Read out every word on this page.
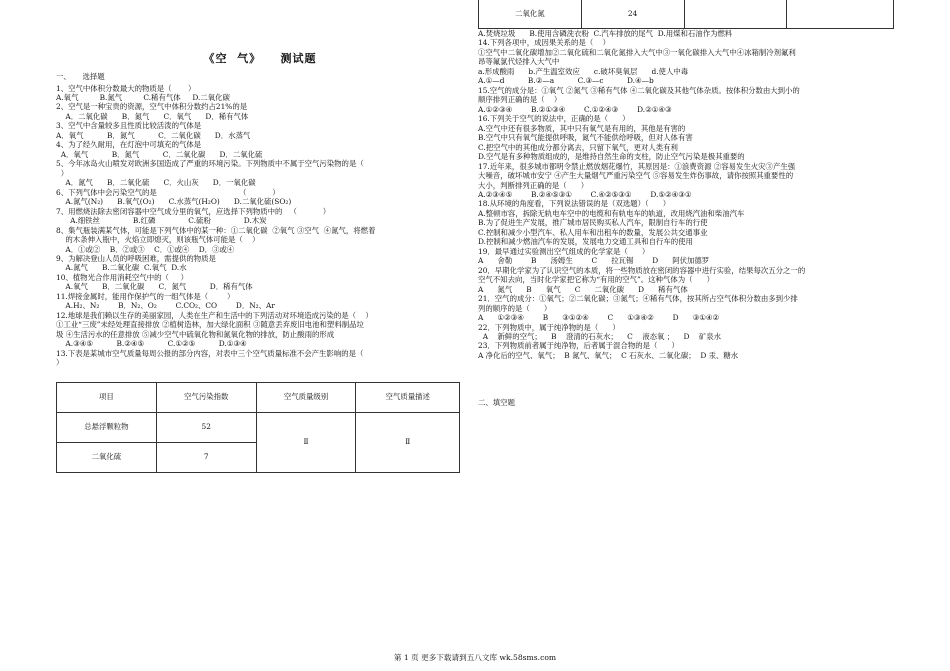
《空  气》    测试题
一、     选择题
1、空气中体积分数最大的物质是（       ）
A.氧气         B.氮气         C.稀有气体     D.二氧化碳
2、空气是一种宝贵的资源，空气中体积分数约占21%的是
A．二氧化碳      B．氮气      C．氧气      D．稀有气体
3、空气中含量较多且性质比较活泼的气体是
A．氧气          B．氮气          C．二氧化碳      D．水蒸气
4、为了经久耐用，在灯泡中可填充的气体是
A．氧气          B．氮气          C．二氧化碳      D．二氧化硫
5、今年冰岛火山喷发对欧洲多国造成了严重的环境污染。下列物质中不属于空气污染物的是（
）
A．氮气      B．二氧化硫      C．火山灰      D．一氧化碳
6、下列气体中会污染空气的是                                   （           ）
A.氮气(N₂)      B.氧气(O₂)      C.水蒸气(H₂O)      D.二氧化硫(SO₂)
7、用燃烧法除去密闭容器中空气成分里的氧气，应选择下列物质中的   （           ）
A.细铁丝              B.红磷              C.硫粉              D.木炭
8、集气瓶装满某气体，可能是下列气体中的某一种：①二氧化碳  ②氧气 ③空气  ④氮气，将燃着
的木条伸入瓶中，火焰立即熄灭，则该瓶气体可能是（    ）
A．①或②    B．②或③    C．①或④    D．③或④
9、为解决登山人员的呼吸困难，需提供的物质是
A.氮气      B.二氧化碳  C.氧气  D.水
10、植物光合作用消耗空气中的（     ）
A.氧气      B．二氧化碳      C．氮气          D．稀有气体
11.焊接金属时，能用作保护气的一组气体是（        ）
A.H₂、N₂        B．N₂、O₂        C.CO₂、CO        D．N₂、Ar
12.地球是我们赖以生存的美丽家园，人类在生产和生活中的下列活动对环境造成污染的是（    ）
①工业“三废”未经处理直接排放 ②植树造林，加大绿化面积 ③随意丢弃废旧电池和塑料制品垃
圾 ④生活污水的任意排放 ⑤减少空气中硫氧化物和氮氧化物的排放，防止酸雨的形成
A.③④⑤          B.②④⑤          C.①②⑤          D.①③④
13.下表是某城市空气质量每周公报的部分内容，对表中三个空气质量标准不会产生影响的是（
）
项目	空气污染指数	空气质量级别	空气质量描述
总悬浮颗粒物	52	Ⅱ	Ⅱ
二氧化硫	7		
二氧化氮	24		
A.焚烧垃圾      B.使用含磷洗衣粉  C.汽车排放的尾气  D.用煤和石油作为燃料
14.下列各项中，成因果关系的是（    ）
①空气中二氧化碳增加②二氧化硫和二氧化氮排入大气中③一氧化碳排入大气中④冰箱制冷剂氟利
昂等氟氯代烃排入大气中
a.形成酸雨      b.产生温室效应      c.破坏臭氧层      d.使人中毒
A.①—d          B.②—a          C.③—c          D.④—b
15.空气的成分是：①氧气 ②氮气 ③稀有气体 ④二氧化碳及其他气体杂质。按体积分数由大到小的
顺序排列正确的是（    ）
A.①②③④        B.②①③④        C.①②④③        D.②①④③
16.下列关于空气的说法中，正确的是（      ）
A.空气中还有很多物质，其中只有氧气是有用的，其他是有害的
B.空气中只有氧气能提供呼吸，氮气不能供给呼吸，但对人体有害
C.把空气中的其他成分都分离去，只留下氧气，更对人类有利
D.空气是有多种物质组成的，是维持自然生命的支柱，防止空气污染是极其重要的
17.近年来，很多城市都明令禁止燃放烟花爆竹，其原因是：①浪费资源 ②容易发生火灾③产生强
大噪音，破坏城市安宁 ④产生大量烟气严重污染空气 ⑤容易发生炸伤事故，请你按照其重要性的
大小，判断排列正确的是（      ）
A.②③④⑤        B.②④⑤③①        C.④②⑤③①        D.⑤②④③①
18.从环境的角度看，下列说法错误的是（双选题）（      ）
A.整顿市容，拆除无轨电车空中的电缆和有轨电车的轨道，改用烧汽油和柴油汽车
B.为了促进生产发展，推广城市居民购买私人汽车，限制自行车的行使
C.控制和减少小型汽车、私人用车和出租车的数量，发展公共交通事业
D.控制和减少燃油汽车的发展，发展电力交通工具和自行车的使用
19．最早通过实验测出空气组成的化学家是（      ）
A      舍勒        B      汤姆生        C      拉瓦锡        D      阿伏加德罗
20．早期化学家为了认识空气的本质，将一些物质放在密闭的容器中进行实验，结果每次五分之一的
空气不知去向，当时化学家把它称为“有用的空气”。这种气体为（      ）
A      氮气      B      氧气      C      二氧化碳      D      稀有气体
21．空气的成分：①氧气；②二氧化碳；③氮气；④稀有气体，按其所占空气体积分数由多到少排
列的顺序的是（      ）
A      ①②③④        B      ③①②④        C      ①③④②        D      ③①④②
22．下列物质中，属于纯净物的是（      ）
A    新鲜的空气；    B    澄清的石灰水；    C    液态氧 ；    D    矿泉水
23．下列物质前者属于纯净物，后者属于混合物的是（      ）
A 净化后的空气、氧气；  B 氮气、氧气；  C 石灰水、二氧化碳；  D 汞、糖水
二、填空题
第 1 页 更多下载请到五八文库 wk.58sms.com
